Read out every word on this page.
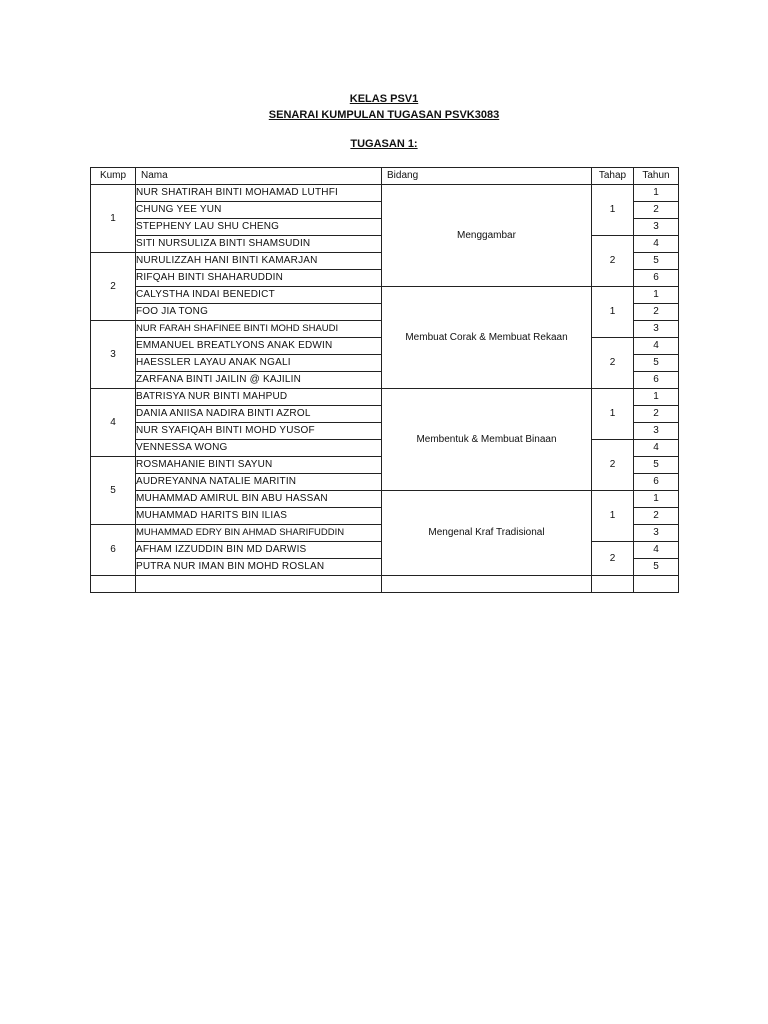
KELAS PSV1
SENARAI KUMPULAN TUGASAN PSVK3083
TUGASAN 1:
Kump	Nama	Bidang	Tahap	Tahun
1	NUR SHATIRAH BINTI MOHAMAD LUTHFI	Menggambar	1	1
	CHUNG YEE YUN			2
	STEPHENY LAU SHU CHENG			3
	SITI NURSULIZA BINTI SHAMSUDIN		2	4
2	NURULIZZAH HANI BINTI KAMARJAN			5
	RIFQAH BINTI SHAHARUDDIN			6
	CALYSTHA INDAI BENEDICT	Membuat Corak & Membuat Rekaan	1	1
	FOO JIA TONG			2
3	NUR FARAH SHAFINEE BINTI MOHD SHAUDI			3
	EMMANUEL BREATLYONS ANAK EDWIN		2	4
	HAESSLER LAYAU ANAK NGALI			5
	ZARFANA BINTI JAILIN @ KAJILIN			6
4	BATRISYA NUR BINTI MAHPUD	Membentuk & Membuat Binaan	1	1
	DANIA ANIISA NADIRA BINTI AZROL			2
	NUR SYAFIQAH BINTI MOHD YUSOF			3
	VENNESSA WONG		2	4
5	ROSMAHANIE BINTI SAYUN			5
	AUDREYANNA NATALIE MARITIN			6
	MUHAMMAD AMIRUL BIN ABU HASSAN	Mengenal Kraf Tradisional	1	1
	MUHAMMAD HARITS BIN ILIAS			2
6	MUHAMMAD EDRY BIN AHMAD SHARIFUDDIN			3
	AFHAM IZZUDDIN BIN MD DARWIS		2	4
	PUTRA NUR IMAN BIN MOHD ROSLAN			5
